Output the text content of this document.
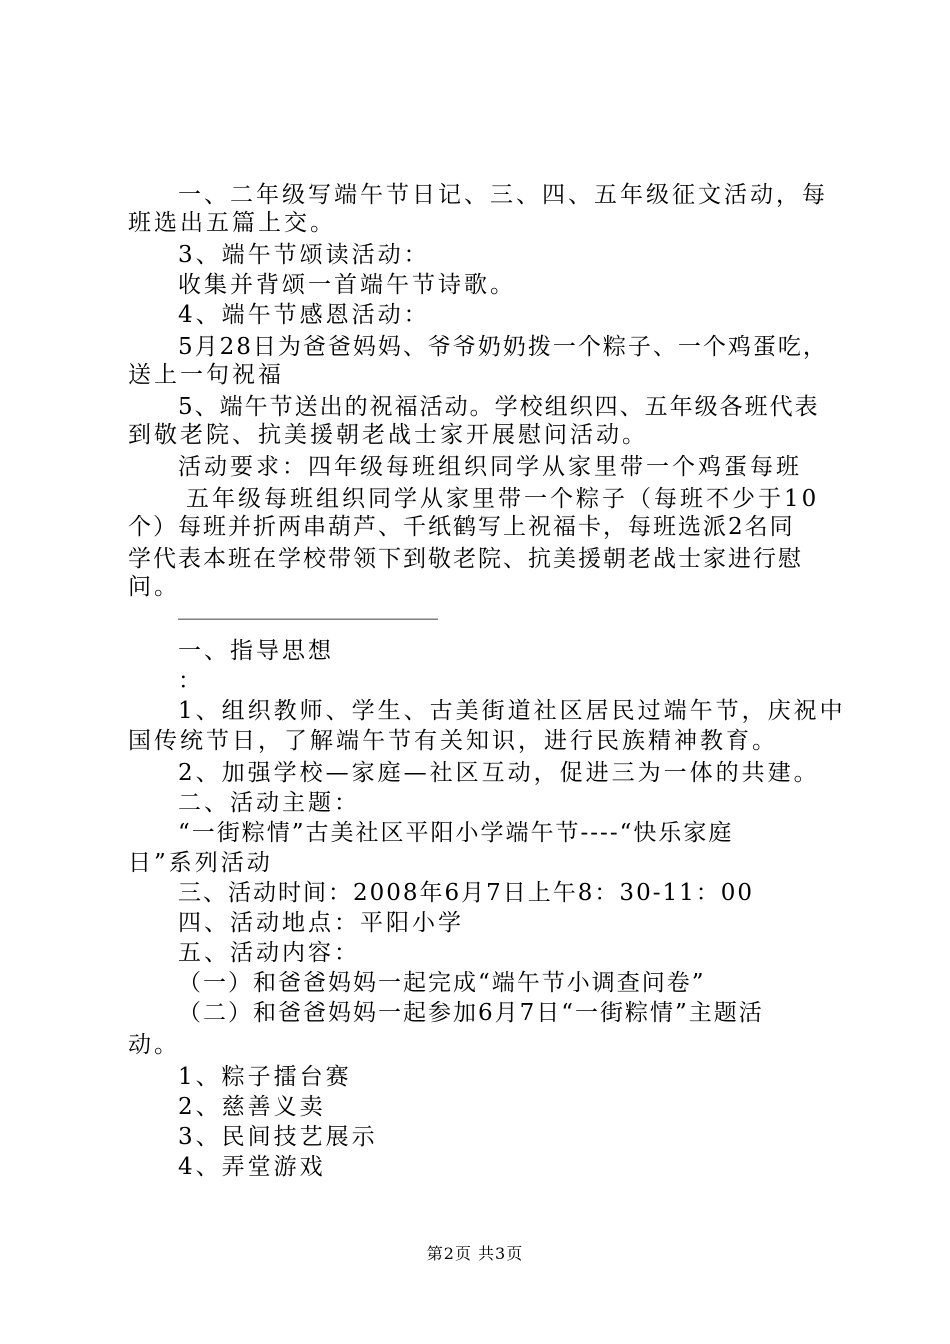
一、二年级写端午节日记、三、四、五年级征文活动，每
班选出五篇上交。
3、端午节颂读活动：
收集并背颂一首端午节诗歌。
4、端午节感恩活动：
5月28日为爸爸妈妈、爷爷奶奶拨一个粽子、一个鸡蛋吃，
送上一句祝福
5、端午节送出的祝福活动。学校组织四、五年级各班代表
到敬老院、抗美援朝老战士家开展慰问活动。
活动要求：四年级每班组织同学从家里带一个鸡蛋每班
五年级每班组织同学从家里带一个粽子（每班不少于10
个）每班并折两串葫芦、千纸鹤写上祝福卡，每班选派2名同
学代表本班在学校带领下到敬老院、抗美援朝老战士家进行慰
问。
__________________________
一、指导思想
：
1、组织教师、学生、古美街道社区居民过端午节，庆祝中
国传统节日，了解端午节有关知识，进行民族精神教育。
2、加强学校—家庭—社区互动，促进三为一体的共建。
二、活动主题：
“一街粽情”古美社区平阳小学端午节----“快乐家庭
日”系列活动
三、活动时间：2008年6月7日上午8：30-11：00
四、活动地点：平阳小学
五、活动内容：
（一）和爸爸妈妈一起完成“端午节小调查问卷”
（二）和爸爸妈妈一起参加6月7日“一街粽情”主题活
动。
1、粽子擂台赛
2、慈善义卖
3、民间技艺展示
4、弄堂游戏
第2页 共3页
